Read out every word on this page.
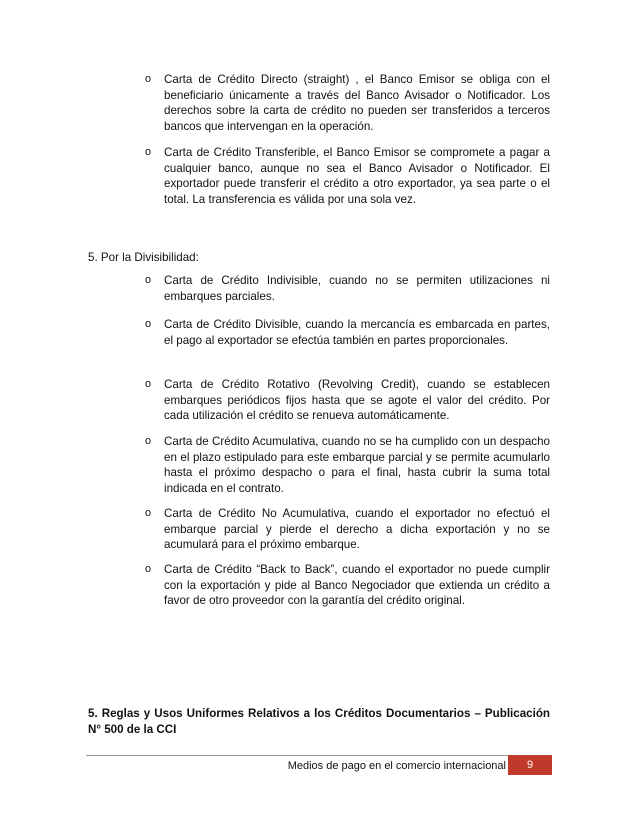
o Carta de Crédito Directo (straight) , el Banco Emisor se obliga con el beneficiario únicamente a través del Banco Avisador o Notificador. Los derechos sobre la carta de crédito no pueden ser transferidos a terceros bancos que intervengan en la operación.
o Carta de Crédito Transferible, el Banco Emisor se compromete a pagar a cualquier banco, aunque no sea el Banco Avisador o Notificador. El exportador puede transferir el crédito a otro exportador, ya sea parte o el total. La transferencia es válida por una sola vez.
5. Por la Divisibilidad:
o Carta de Crédito Indivisible, cuando no se permiten utilizaciones ni embarques parciales.
o Carta de Crédito Divisible, cuando la mercancía es embarcada en partes, el pago al exportador se efectúa también en partes proporcionales.
o Carta de Crédito Rotativo (Revolving Credit), cuando se establecen embarques periódicos fijos hasta que se agote el valor del crédito. Por cada utilización el crédito se renueva automáticamente.
o Carta de Crédito Acumulativa, cuando no se ha cumplido con un despacho en el plazo estipulado para este embarque parcial y se permite acumularlo hasta el próximo despacho o para el final, hasta cubrir la suma total indicada en el contrato.
o Carta de Crédito No Acumulativa, cuando el exportador no efectuó el embarque parcial y pierde el derecho a dicha exportación y no se acumulará para el próximo embarque.
o Carta de Crédito “Back to Back”, cuando el exportador no puede cumplir con la exportación y pide al Banco Negociador que extienda un crédito a favor de otro proveedor con la garantía del crédito original.
5. Reglas y Usos Uniformes Relativos a los Créditos Documentarios – Publicación N° 500 de la CCI
Medios de pago en el comercio internacional	9
